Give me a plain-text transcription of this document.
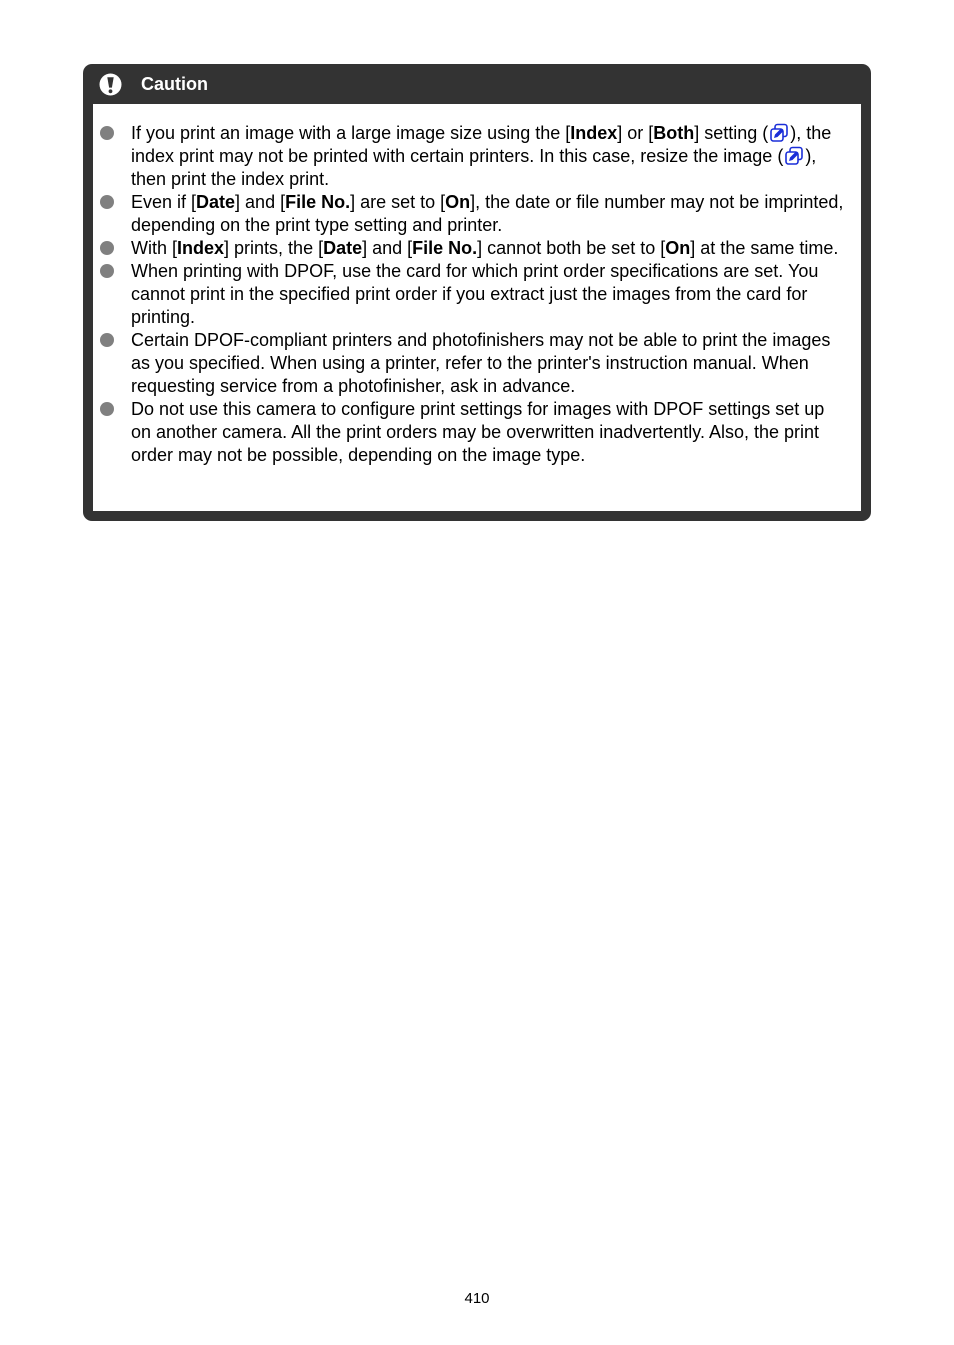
Caution
If you print an image with a large image size using the [Index] or [Both] setting ( ), the index print may not be printed with certain printers. In this case, resize the image ( ), then print the index print.
Even if [Date] and [File No.] are set to [On], the date or file number may not be imprinted, depending on the print type setting and printer.
With [Index] prints, the [Date] and [File No.] cannot both be set to [On] at the same time.
When printing with DPOF, use the card for which print order specifications are set. You cannot print in the specified print order if you extract just the images from the card for printing.
Certain DPOF-compliant printers and photofinishers may not be able to print the images as you specified. When using a printer, refer to the printer's instruction manual. When requesting service from a photofinisher, ask in advance.
Do not use this camera to configure print settings for images with DPOF settings set up on another camera. All the print orders may be overwritten inadvertently. Also, the print order may not be possible, depending on the image type.
410
